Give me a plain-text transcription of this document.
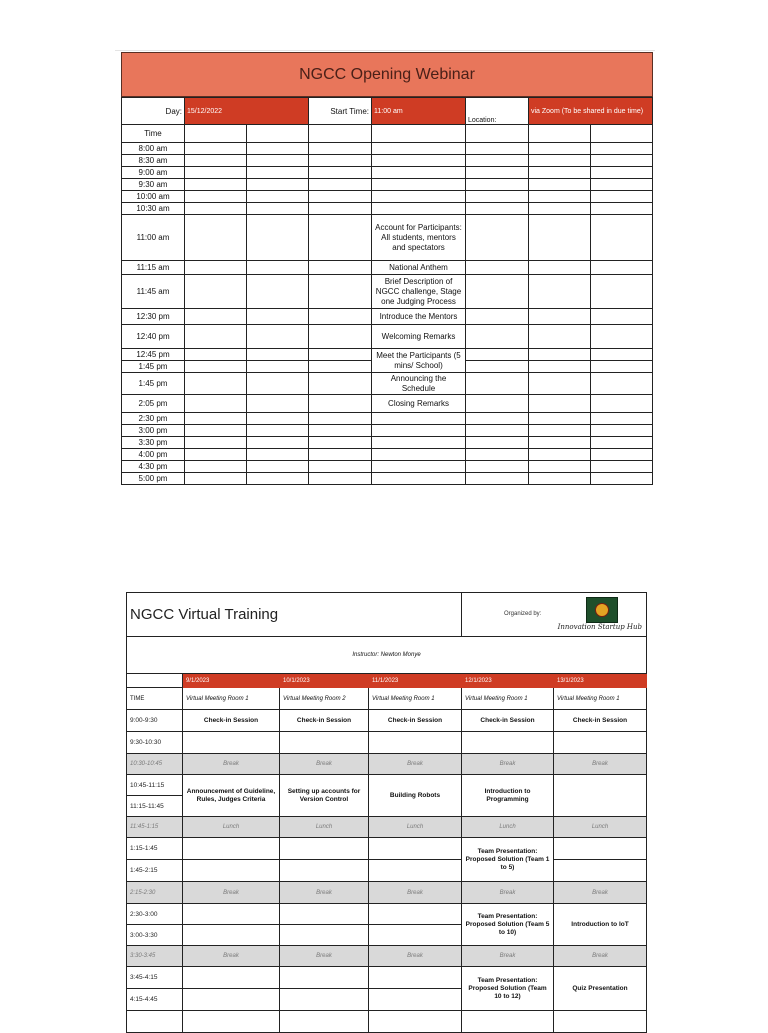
NGCC Opening Webinar
Day:	15/12/2022		Start Time:	11:00 am	Location:	via Zoom (To be shared in due time)	
Time							
8:00 am							
8:30 am							
9:00 am							
9:30 am							
10:00 am							
10:30 am							
11:00 am				Account for Participants: All students, mentors and spectators			
11:15 am				National Anthem			
11:45 am				Brief Description of NGCC challenge, Stage one Judging Process			
12:30 pm				Introduce the Mentors			
12:40 pm				Welcoming Remarks			
12:45 pm				Meet the Participants (5 mins/ School)			
1:45 pm							
1:45 pm				Announcing the Schedule			
2:05 pm				Closing Remarks			
2:30 pm							
3:00 pm							
3:30 pm							
4:00 pm							
4:30 pm							
5:00 pm							
NGCC Virtual Training				Organized by:
Innovation Startup Hub	

Instructor: Newton Monye					
	9/1/2023	10/1/2023	11/1/2023	12/1/2023	13/1/2023
TIME	Virtual Meeting Room 1	Virtual Meeting Room 2	Virtual Meeting Room 1	Virtual Meeting Room 1	Virtual Meeting Room 1
9:00-9:30	Check-in Session	Check-in Session	Check-in Session	Check-in Session	Check-in Session
9:30-10:30					
10:30-10:45	Break	Break	Break	Break	Break
10:45-11:15	Announcement of Guideline, Rules, Judges Criteria	Setting up accounts for Version Control	Building Robots	Introduction to Programming	
11:15-11:45					
11:45-1:15	Lunch	Lunch	Lunch	Lunch	Lunch
1:15-1:45				Team Presentation: Proposed Solution (Team 1 to 5)	
1:45-2:15					
2:15-2:30	Break	Break	Break	Break	Break
2:30-3:00				Team Presentation: Proposed Solution (Team 5 to 10)	Introduction to IoT
3:00-3:30					
3:30-3:45	Break	Break	Break	Break	Break
3:45-4:15				Team Presentation: Proposed Solution (Team 10 to 12)	Quiz Presentation
4:15-4:45					
